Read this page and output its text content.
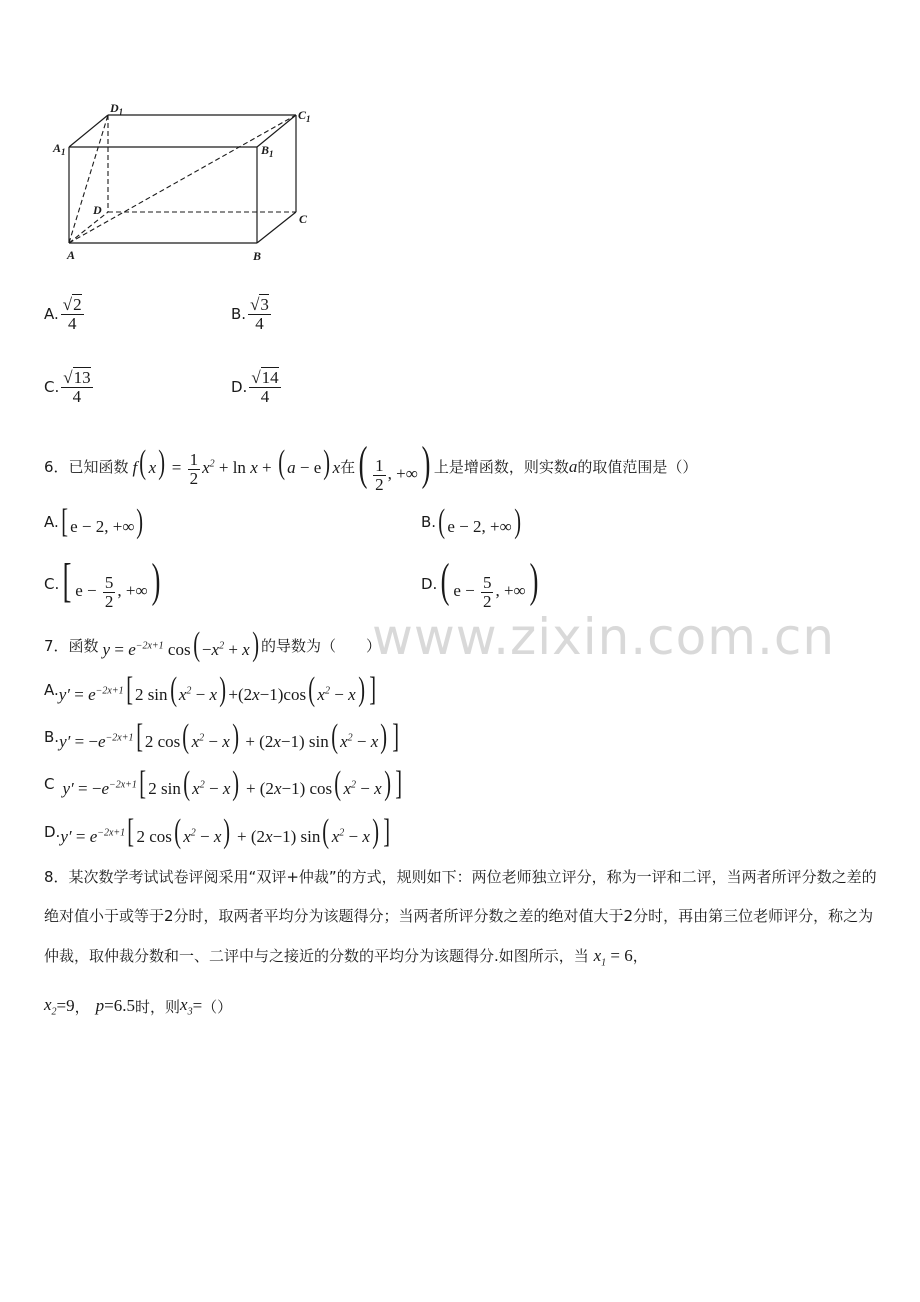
$D_1$	$C_1$
$A_1$	$B_1$
D
C
A	B
A. $\frac{√2}{4}$	B. $\frac{√3}{4}$
C. $\frac{√13}{4}$	D. $\frac{√14}{4}$
6．已知函数 f( $x) = \frac{1}{2} x^2 + \ln x$ + ( a − e) x 在 ( $\frac{1}{2}$ , +∞) 上是增函数，则实数 a 的取值范围是（）
A. [ e − 2, +∞)	B. ( e − 2, +∞)
C. [ $e - \frac{5}{2}$ , +∞)	D. ( $e - \frac{5}{2}$ , +∞)
www.zixin.com.cn
7．函数 $y = e^{-2x+1}$ $\cos( -x^2 + x)$ 的导数为（　　）
A. $y' = e^{-2x+1}$[ 2 sin( $x^2 - x) +(2x-1)\cos$( $x^2 - x$) ]
B. $y' = -e^{-2x+1}$[ 2 cos( $x^2 - x) + (2x-1)$ sin( $x^2 - x$) ]
C $y' = -e^{-2x+1}$[ 2 sin( $x^2 - x) + (2x-1)$ cos( $x^2 - x$) ]
D. $y' = e^{-2x+1}$[ 2 cos( $x^2 - x) + (2x-1)$ sin( $x^2 - x$) ]
8．某次数学考试试卷评阅采用“双评+仲裁”的方式，规则如下：两位老师独立评分，称为一评和二评，当两者所评分数之差的绝对值小于或等于2分时，取两者平均分为该题得分；当两者所评分数之差的绝对值大于2分时，再由第三位老师评分，称之为仲裁，取仲裁分数和一、二评中与之接近的分数的平均分为该题得分.如图所示，当 $x_1 = 6$，
$x_2 = 9$ ， p = 6.5 时，则 $x_3$ = （）
